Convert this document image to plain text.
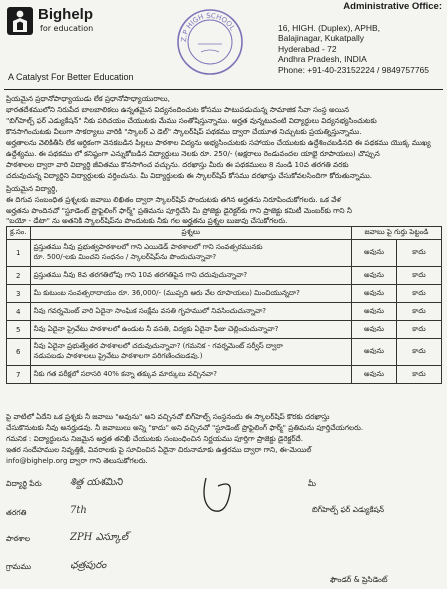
Bighelp
for education
A Catalyst For Better Education
Z.P HIGH SCHOOL
Administrative Office:
16, HIGH. (Duplex), APHB,
Balajinagar, Kukatpally
Hyderabad - 72
Andhra Pradesh, INDIA
Phone: +91-40-23152224 / 9849757765
ప్రియమైన ప్రధానోపాధ్యాయుడు లేక ప్రధానోపాధ్యాయురాలు,
భారతదేశములోని నిరుపేద బాలబాలికలు ఉన్నతమైన విద్యనందించుట కోసము పాటుపడుచున్న సామాజిక సేవా సంస్థ అయిన
"బిగ్‌హెల్ప్ ఫర్ ఎడ్యుకేషన్" నీకు పరిచయం చేయుటకు మేము సంతోషిస్తున్నాము. అర్హత వున్నటువంటి విద్యార్థులు విద్యనభ్యసించుటకు
కొనసాగించుటకు వీలుగా సాకర్యాలు వారికి "స్కాలర్ ఎ డెల్" స్కాలర్‌షిప్ పథకము ద్వారా చేయూత నిచ్చుటకు ప్రయత్నిస్తున్నాము.
అర్హతాలను వెలికితీసి లేక ఆర్థికంగా వెనకబడిన పిల్లలు పాఠశాల విద్యను అభ్యసించుటకు సహాయం చేయుటకు ఉద్దేశించబడినది ఈ పథకము యొక్క ముఖ్య
ఉద్దేశ్యము. ఈ పథకము లో కనిష్ఠంగా ఎన్నుకోబడిన విద్యార్థులు నెలకు రూ. 250/- (అక్షరాలు రెండువందల యాభై రూపాయలు) చొప్పున
పాఠశాలల ద్వారా వారి విద్యార్థి జీవితము కొనసాగించ వచ్చును. దరఖాస్తు మీరు ఈ పథకములు 8 నుండి 10వ తరగతి వరకు
చదువుచున్న విద్యార్థిని విద్యార్థులకు వర్తించును. మీ విద్యార్థులకు ఈ స్కాలర్‌షిప్ కోసము దరఖాస్తు చేసుకోవలసిందిగా కోరుతున్నాము.
ప్రియమైన విద్యార్థి,
ఈ దిగువ సంబంధిత ప్రశ్నలకు జవాబు లిఖితం ద్వారా స్కాలర్‌షిప్ పొందుటకు తగిన అర్హతను నిరూపించుకోగలరు. ఒక వేళ
అర్హతను పొందినచో "స్టూడెంట్ ప్రొఫైలింగ్ ఫార్మ్" ప్రతిమను పూర్తిచేసి మీ ప్రోజెక్టు డైరెక్టర్‌కు గాని ప్రాజెక్టు కమిటీ మెంబర్‌కు గాని నీ
"బయో - డేటా" ను అతనికి స్కాలర్‌షిప్‌ను పొందుటకు నీకు గల అర్హతను ప్రశ్నల బుజువు చేసుకోగలరు.
క్ర.సం.	ప్రశ్నలు	జవాబు పై గుర్తు పెట్టండి	
1	ప్రస్తుతము నీవు ప్రభుత్వపాఠశాలలో గాని ఎయిడెడ్ పాఠశాలలో గాని సంవత్సరమునకు
రూ. 500/-లకు మించని సంధనం / స్కాలర్‌షిప్‌ను పొందుచున్నావా?	అవును	కాదు
2	ప్రస్తుతము నీవు 8వ తరగతిలోపు గాని 10వ తరగతిపైన గాని చదువుచున్నావా?	అవును	కాదు
3	మీ కుటుంబ సంవత్సరాదాయం రూ. 36,000/- (ముప్పది ఆరు వేల రూపాయలు) మించియున్నదా?	అవును	కాదు
4	నీవు గవర్నమెంట్ వారి ఏదైనా సాంఘిక సంక్షేమ వసతి గృహములో నివసించుచున్నావా?	అవును	కాదు
5	నీవు ఏదైనా ప్రైవేటు పాఠశాలలో ఉండుట నీ వసతి, విద్యకు ఏదైనా ఫీజు చెల్లించుచున్నావా?	అవును	కాదు
6	నీవు ఏదైనా ప్రభుత్వేతర పాఠశాలలో చదువుచున్నావా? (గమనిక - గవర్నమెంట్ సర్వీస్ ద్వారా
నడుపబడు పాఠశాలలు ప్రైవేటు పాఠశాలగా పరిగణించబడవు.)	అవును	కాదు
7	నీకు గత పరీక్షలో సరాసరి 40% కన్నా తక్కువ మార్కులు వచ్చినవా?	అవును	కాదు
పై వాటిలో ఏదేని ఒక ప్రశ్నకు నీ జవాబు "అవును" అని వచ్చినచో బిగ్‌హెల్ప్ సంస్థనందు ఈ స్కాలర్‌షిప్ కొరకు దరఖాస్తు
చేసుకొనుటకు నీవు అనర్హుడవు. నీ జవాబులు అన్ని "కాదు" అని వచ్చినచో "స్టూడెంట్ ప్రొఫైలింగ్ ఫార్మ్" ప్రతిమను పూర్తిచేయగలరు.
గమనిక : విద్యార్థులను నిజమైన అర్హత తనిఖీ చేయుటకు సంబంధించిన నిర్ణయము పూర్తిగా ప్రాజెక్టు డైరెక్టర్‌దే.
ఇతర సందేహముల నివృత్తికి, వివరాలకు పై సూచించిన ఏదైనా చిరునామాకు ఉత్తరము ద్వారా గాని, ఈ-మెయిల్
info@bighelp.org ద్వారా గాని తెలుసుకోగలరు.
విద్యార్థి పేరు	శిత్ద యశమిని	మీ
తరగతి	7th	బిగ్‌హెల్ప్ ఫర్ ఎడ్యుకేషన్
పాఠశాల	ZPH ఎస్కూల్
గ్రామము	ఛత్రపురం
ఫౌండర్ & ప్రెసిడెంట్
